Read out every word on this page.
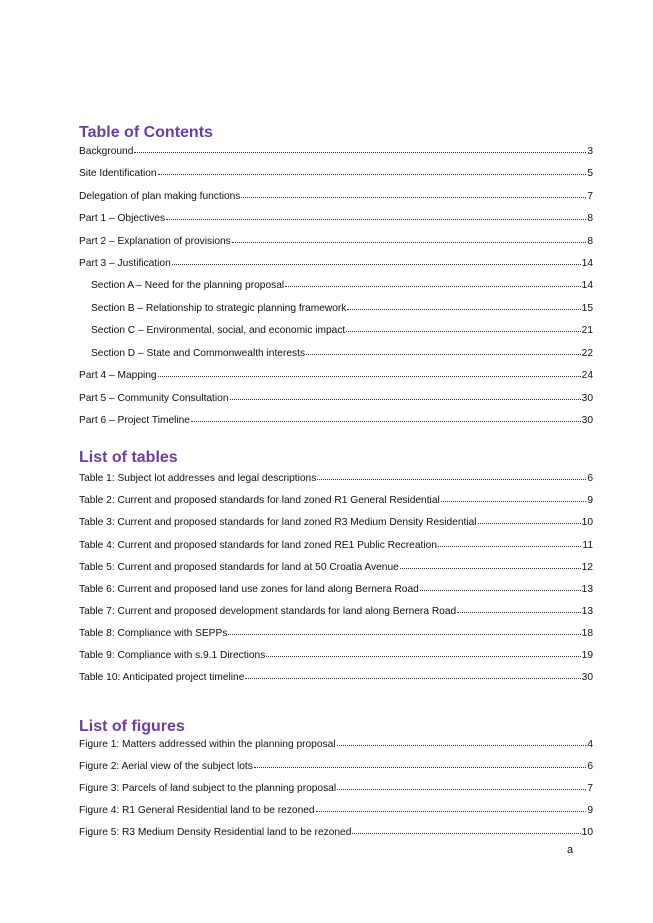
Table of Contents
Background	3
Site Identification	5
Delegation of plan making functions	7
Part 1 – Objectives	8
Part 2 – Explanation of provisions	8
Part 3 – Justification	14
Section A – Need for the planning proposal	14
Section B – Relationship to strategic planning framework	15
Section C – Environmental, social, and economic impact	21
Section D – State and Commonwealth interests	22
Part 4 – Mapping	24
Part 5 – Community Consultation	30
Part 6 – Project Timeline	30
List of tables
Table 1: Subject lot addresses and legal descriptions	6
Table 2: Current and proposed standards for land zoned R1 General Residential	9
Table 3: Current and proposed standards for land zoned R3 Medium Density Residential	10
Table 4: Current and proposed standards for land zoned RE1 Public Recreation	11
Table 5: Current and proposed standards for land at 50 Croatia Avenue	12
Table 6: Current and proposed land use zones for land along Bernera Road	13
Table 7: Current and proposed development standards for land along Bernera Road	13
Table 8: Compliance with SEPPs	18
Table 9: Compliance with s.9.1 Directions	19
Table 10: Anticipated project timeline	30
List of figures
Figure 1: Matters addressed within the planning proposal	4
Figure 2: Aerial view of the subject lots	6
Figure 3: Parcels of land subject to the planning proposal	7
Figure 4: R1 General Residential land to be rezoned	9
Figure 5: R3 Medium Density Residential land to be rezoned	10
a
